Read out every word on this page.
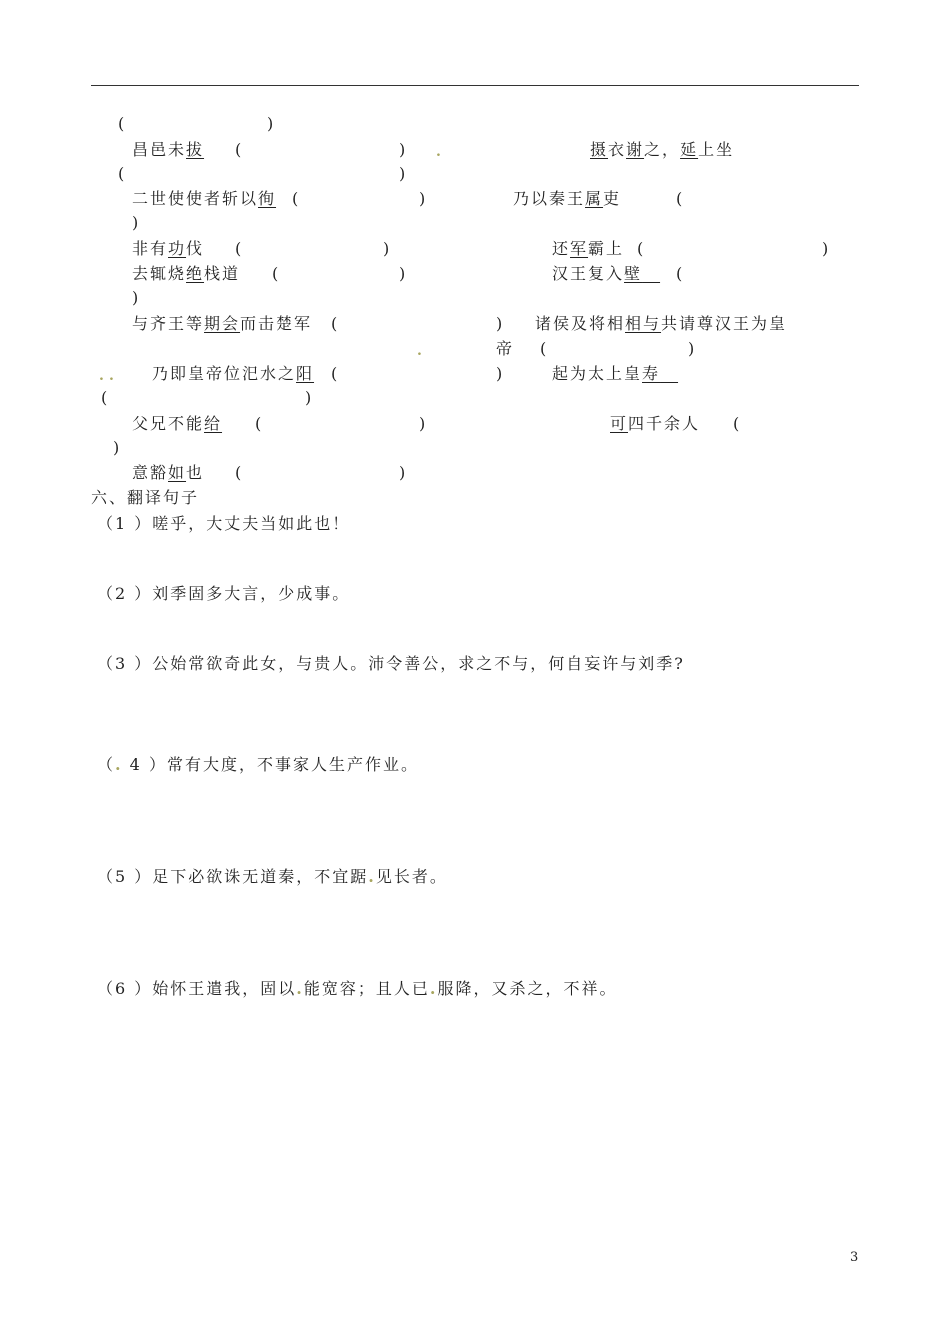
(	)
昌邑未拔 (	) .	摄衣谢之，延上坐
(	)
二世使使者斩以徇 (	)	乃以秦王属吏	(
)
非有功伐 (	)	还军霸上 (	)
去辄烧绝栈道 (	)	汉王复入壁　	(
)
与齐王等期会而击楚军 (	) 诸侯及将相相与共请尊汉王为皇
.	帝 (	)
. . 乃即皇帝位汜水之阳 (	)	起为太上皇寿　
(	)
父兄不能给 (	)	可四千余人 (
)
意豁如也 (	)
六、翻译句子
（1 ）嗟乎，大丈夫当如此也！
（2 ）刘季固多大言，少成事。
（3 ）公始常欲奇此女，与贵人。沛令善公，求之不与，何自妄许与刘季?
（. 4 ）常有大度，不事家人生产作业。
（5 ）足下必欲诛无道秦，不宜踞.见长者。
（6 ）始怀王遣我，固以.能宽容；且人已.服降，又杀之，不祥。
3
